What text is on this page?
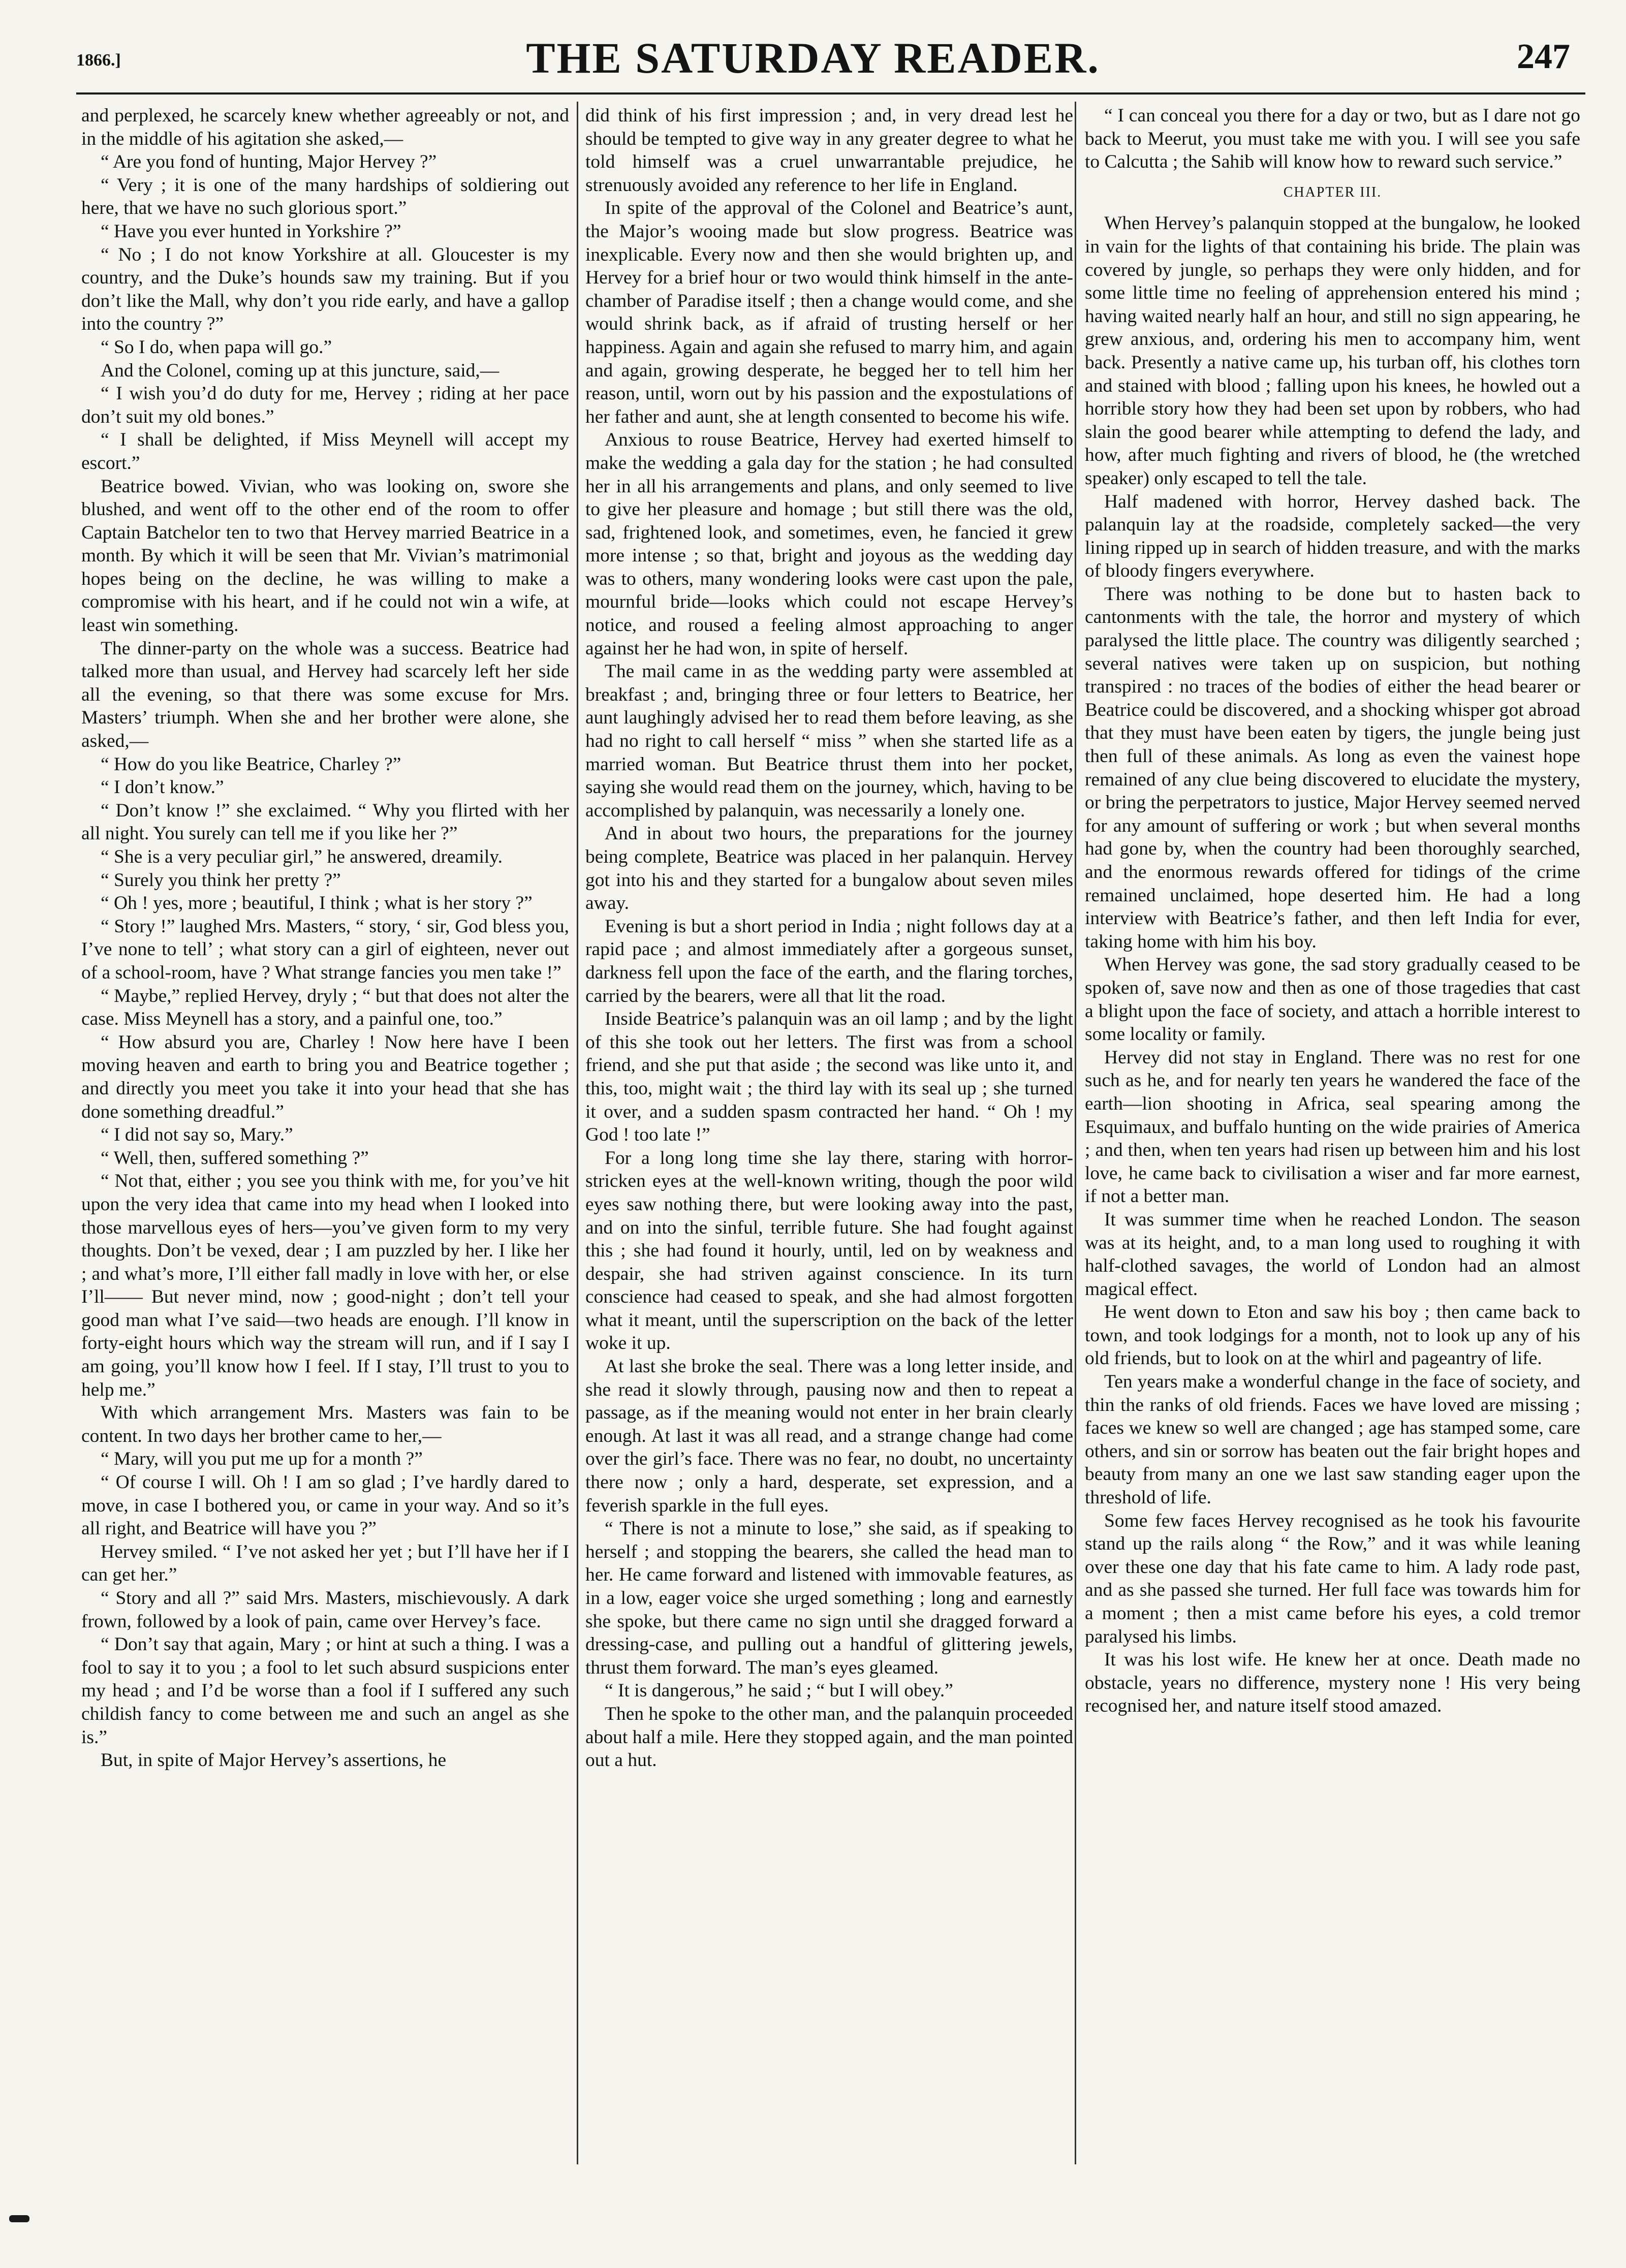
1866.]	THE SATURDAY READER.	247

and perplexed, he scarcely knew whether agreeably or not, and in the middle of his agitation she asked,—

“ Are you fond of hunting, Major Hervey ?”

“ Very ; it is one of the many hardships of soldiering out here, that we have no such glorious sport.”

“ Have you ever hunted in Yorkshire ?”

“ No ; I do not know Yorkshire at all. Gloucester is my country, and the Duke’s hounds saw my training. But if you don’t like the Mall, why don’t you ride early, and have a gallop into the country ?”

“ So I do, when papa will go.”

And the Colonel, coming up at this juncture, said,—

“ I wish you’d do duty for me, Hervey ; riding at her pace don’t suit my old bones.”

“ I shall be delighted, if Miss Meynell will accept my escort.”

Beatrice bowed. Vivian, who was looking on, swore she blushed, and went off to the other end of the room to offer Captain Batchelor ten to two that Hervey married Beatrice in a month. By which it will be seen that Mr. Vivian’s matrimonial hopes being on the decline, he was willing to make a compromise with his heart, and if he could not win a wife, at least win something.

The dinner-party on the whole was a success. Beatrice had talked more than usual, and Hervey had scarcely left her side all the evening, so that there was some excuse for Mrs. Masters’ triumph. When she and her brother were alone, she asked,—

“ How do you like Beatrice, Charley ?”

“ I don’t know.”

“ Don’t know !” she exclaimed. “ Why you flirted with her all night. You surely can tell me if you like her ?”

“ She is a very peculiar girl,” he answered, dreamily.

“ Surely you think her pretty ?”

“ Oh ! yes, more ; beautiful, I think ; what is her story ?”

“ Story !” laughed Mrs. Masters, “ story, ‘ sir, God bless you, I’ve none to tell’ ; what story can a girl of eighteen, never out of a school-room, have ? What strange fancies you men take !”

“ Maybe,” replied Hervey, dryly ; “ but that does not alter the case. Miss Meynell has a story, and a painful one, too.”

“ How absurd you are, Charley ! Now here have I been moving heaven and earth to bring you and Beatrice together ; and directly you meet you take it into your head that she has done something dreadful.”

“ I did not say so, Mary.”

“ Well, then, suffered something ?”

“ Not that, either ; you see you think with me, for you’ve hit upon the very idea that came into my head when I looked into those marvellous eyes of hers—you’ve given form to my very thoughts. Don’t be vexed, dear ; I am puzzled by her. I like her ; and what’s more, I’ll either fall madly in love with her, or else I’ll—— But never mind, now ; good-night ; don’t tell your good man what I’ve said—two heads are enough. I’ll know in forty-eight hours which way the stream will run, and if I say I am going, you’ll know how I feel. If I stay, I’ll trust to you to help me.”

With which arrangement Mrs. Masters was fain to be content. In two days her brother came to her,—

“ Mary, will you put me up for a month ?”

“ Of course I will. Oh ! I am so glad ; I’ve hardly dared to move, in case I bothered you, or came in your way. And so it’s all right, and Beatrice will have you ?”

Hervey smiled. “ I’ve not asked her yet ; but I’ll have her if I can get her.”

“ Story and all ?” said Mrs. Masters, mischievously. A dark frown, followed by a look of pain, came over Hervey’s face.

“ Don’t say that again, Mary ; or hint at such a thing. I was a fool to say it to you ; a fool to let such absurd suspicions enter my head ; and I’d be worse than a fool if I suffered any such childish fancy to come between me and such an angel as she is.”

But, in spite of Major Hervey’s assertions, he

did think of his first impression ; and, in very dread lest he should be tempted to give way in any greater degree to what he told himself was a cruel unwarrantable prejudice, he strenuously avoided any reference to her life in England.

In spite of the approval of the Colonel and Beatrice’s aunt, the Major’s wooing made but slow progress. Beatrice was inexplicable. Every now and then she would brighten up, and Hervey for a brief hour or two would think himself in the ante-chamber of Paradise itself ; then a change would come, and she would shrink back, as if afraid of trusting herself or her happiness. Again and again she refused to marry him, and again and again, growing desperate, he begged her to tell him her reason, until, worn out by his passion and the expostulations of her father and aunt, she at length consented to become his wife.

Anxious to rouse Beatrice, Hervey had exerted himself to make the wedding a gala day for the station ; he had consulted her in all his arrangements and plans, and only seemed to live to give her pleasure and homage ; but still there was the old, sad, frightened look, and sometimes, even, he fancied it grew more intense ; so that, bright and joyous as the wedding day was to others, many wondering looks were cast upon the pale, mournful bride—looks which could not escape Hervey’s notice, and roused a feeling almost approaching to anger against her he had won, in spite of herself.

The mail came in as the wedding party were assembled at breakfast ; and, bringing three or four letters to Beatrice, her aunt laughingly advised her to read them before leaving, as she had no right to call herself “ miss ” when she started life as a married woman. But Beatrice thrust them into her pocket, saying she would read them on the journey, which, having to be accomplished by palanquin, was necessarily a lonely one.

And in about two hours, the preparations for the journey being complete, Beatrice was placed in her palanquin. Hervey got into his and they started for a bungalow about seven miles away.

Evening is but a short period in India ; night follows day at a rapid pace ; and almost immediately after a gorgeous sunset, darkness fell upon the face of the earth, and the flaring torches, carried by the bearers, were all that lit the road.

Inside Beatrice’s palanquin was an oil lamp ; and by the light of this she took out her letters. The first was from a school friend, and she put that aside ; the second was like unto it, and this, too, might wait ; the third lay with its seal up ; she turned it over, and a sudden spasm contracted her hand. “ Oh ! my God ! too late !”

For a long long time she lay there, staring with horror-stricken eyes at the well-known writing, though the poor wild eyes saw nothing there, but were looking away into the past, and on into the sinful, terrible future. She had fought against this ; she had found it hourly, until, led on by weakness and despair, she had striven against conscience. In its turn conscience had ceased to speak, and she had almost forgotten what it meant, until the superscription on the back of the letter woke it up.

At last she broke the seal. There was a long letter inside, and she read it slowly through, pausing now and then to repeat a passage, as if the meaning would not enter in her brain clearly enough. At last it was all read, and a strange change had come over the girl’s face. There was no fear, no doubt, no uncertainty there now ; only a hard, desperate, set expression, and a feverish sparkle in the full eyes.

“ There is not a minute to lose,” she said, as if speaking to herself ; and stopping the bearers, she called the head man to her. He came forward and listened with immovable features, as in a low, eager voice she urged something ; long and earnestly she spoke, but there came no sign until she dragged forward a dressing-case, and pulling out a handful of glittering jewels, thrust them forward. The man’s eyes gleamed.

“ It is dangerous,” he said ; “ but I will obey.”

Then he spoke to the other man, and the palanquin proceeded about half a mile. Here they stopped again, and the man pointed out a hut.

“ I can conceal you there for a day or two, but as I dare not go back to Meerut, you must take me with you. I will see you safe to Calcutta ; the Sahib will know how to reward such service.”

CHAPTER III.

When Hervey’s palanquin stopped at the bungalow, he looked in vain for the lights of that containing his bride. The plain was covered by jungle, so perhaps they were only hidden, and for some little time no feeling of apprehension entered his mind ; having waited nearly half an hour, and still no sign appearing, he grew anxious, and, ordering his men to accompany him, went back. Presently a native came up, his turban off, his clothes torn and stained with blood ; falling upon his knees, he howled out a horrible story how they had been set upon by robbers, who had slain the good bearer while attempting to defend the lady, and how, after much fighting and rivers of blood, he (the wretched speaker) only escaped to tell the tale.

Half madened with horror, Hervey dashed back. The palanquin lay at the roadside, completely sacked—the very lining ripped up in search of hidden treasure, and with the marks of bloody fingers everywhere.

There was nothing to be done but to hasten back to cantonments with the tale, the horror and mystery of which paralysed the little place. The country was diligently searched ; several natives were taken up on suspicion, but nothing transpired : no traces of the bodies of either the head bearer or Beatrice could be discovered, and a shocking whisper got abroad that they must have been eaten by tigers, the jungle being just then full of these animals. As long as even the vainest hope remained of any clue being discovered to elucidate the mystery, or bring the perpetrators to justice, Major Hervey seemed nerved for any amount of suffering or work ; but when several months had gone by, when the country had been thoroughly searched, and the enormous rewards offered for tidings of the crime remained unclaimed, hope deserted him. He had a long interview with Beatrice’s father, and then left India for ever, taking home with him his boy.

When Hervey was gone, the sad story gradually ceased to be spoken of, save now and then as one of those tragedies that cast a blight upon the face of society, and attach a horrible interest to some locality or family.

Hervey did not stay in England. There was no rest for one such as he, and for nearly ten years he wandered the face of the earth—lion shooting in Africa, seal spearing among the Esquimaux, and buffalo hunting on the wide prairies of America ; and then, when ten years had risen up between him and his lost love, he came back to civilisation a wiser and far more earnest, if not a better man.

It was summer time when he reached London. The season was at its height, and, to a man long used to roughing it with half-clothed savages, the world of London had an almost magical effect.

He went down to Eton and saw his boy ; then came back to town, and took lodgings for a month, not to look up any of his old friends, but to look on at the whirl and pageantry of life.

Ten years make a wonderful change in the face of society, and thin the ranks of old friends. Faces we have loved are missing ; faces we knew so well are changed ; age has stamped some, care others, and sin or sorrow has beaten out the fair bright hopes and beauty from many an one we last saw standing eager upon the threshold of life.

Some few faces Hervey recognised as he took his favourite stand up the rails along “ the Row,” and it was while leaning over these one day that his fate came to him. A lady rode past, and as she passed she turned. Her full face was towards him for a moment ; then a mist came before his eyes, a cold tremor paralysed his limbs.

It was his lost wife. He knew her at once. Death made no obstacle, years no difference, mystery none ! His very being recognised her, and nature itself stood amazed.
